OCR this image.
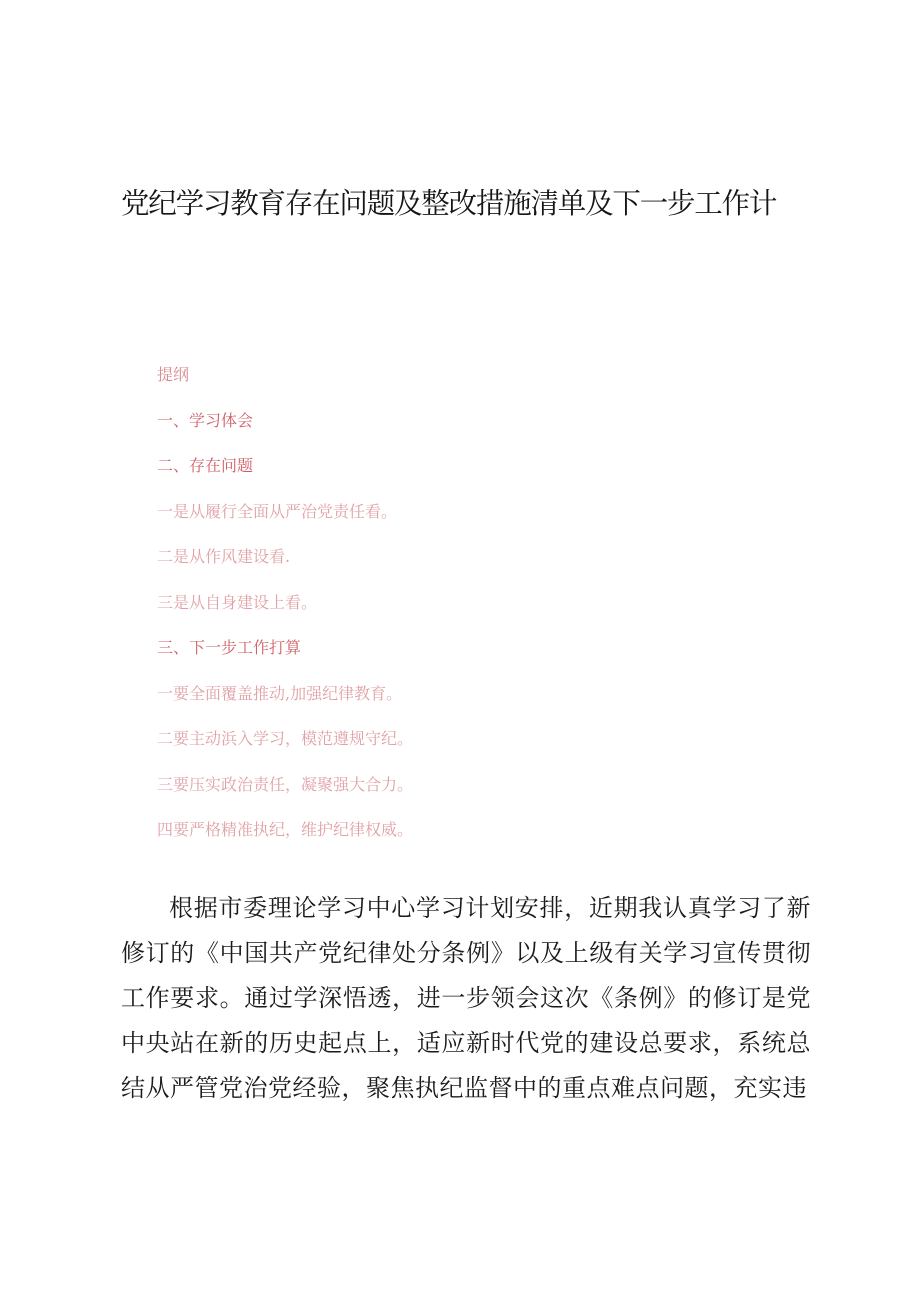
党纪学习教育存在问题及整改措施清单及下一步工作计
提纲
一、学习体会
二、存在问题
一是从履行全面从严治党责任看。
二是从作风建设看.
三是从自身建设上看。
三、下一步工作打算
一要全面覆盖推动,加强纪律教育。
二要主动浜入学习，模范遵规守纪。
三要压实政治责任，凝聚强大合力。
四要严格精准执纪，维护纪律权威。

根据市委理论学习中心学习计划安排，近期我认真学习了新修订的《中国共产党纪律处分条例》以及上级有关学习宣传贯彻工作要求。通过学深悟透，进一步领会这次《条例》的修订是党中央站在新的历史起点上，适应新时代党的建设总要求，系统总结从严管党治党经验，聚焦执纪监督中的重点难点问题，充实违
